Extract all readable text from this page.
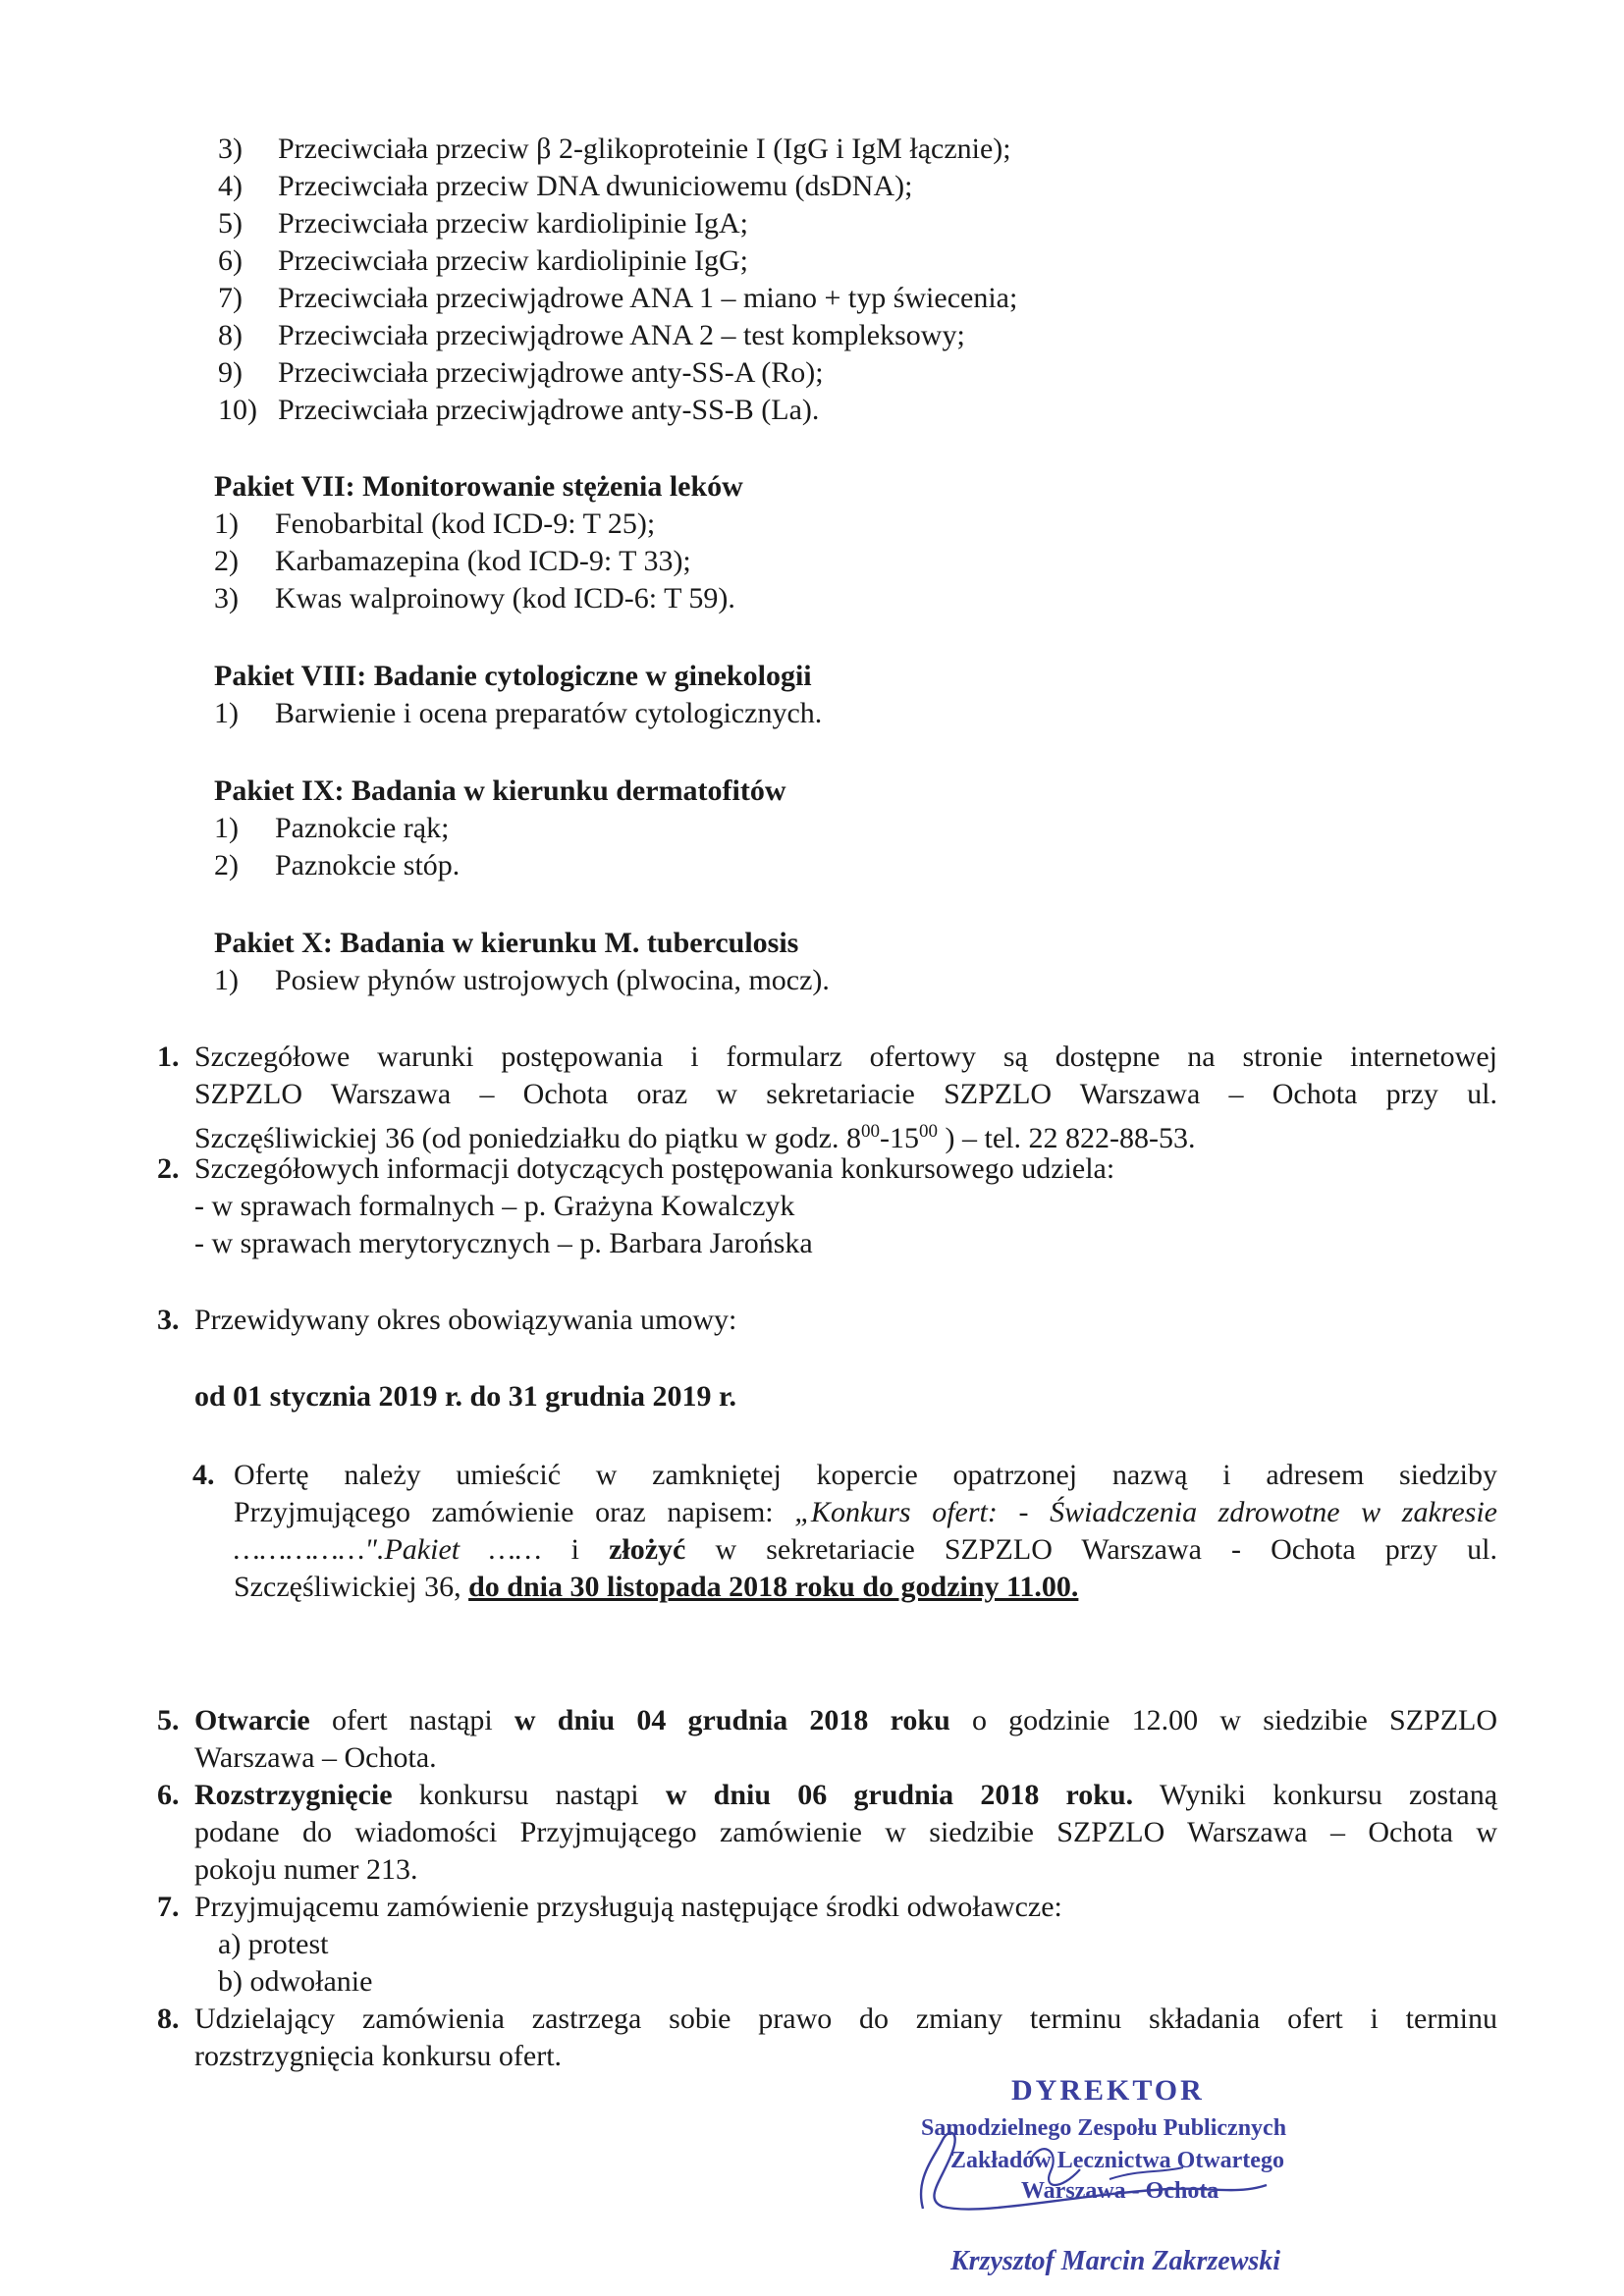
3) Przeciwciała przeciw β 2-glikoproteinie I (IgG i IgM łącznie);
4) Przeciwciała przeciw DNA dwuniciowemu (dsDNA);
5) Przeciwciała przeciw kardiolipinie IgA;
6) Przeciwciała przeciw kardiolipinie IgG;
7) Przeciwciała przeciwjądrowe ANA 1 – miano + typ świecenia;
8) Przeciwciała przeciwjądrowe ANA 2 – test kompleksowy;
9) Przeciwciała przeciwjądrowe anty-SS-A (Ro);
10) Przeciwciała przeciwjądrowe anty-SS-B (La).
Pakiet VII: Monitorowanie stężenia leków
1) Fenobarbital (kod ICD-9: T 25);
2) Karbamazepina (kod ICD-9: T 33);
3) Kwas walproinowy (kod ICD-6: T 59).
Pakiet VIII: Badanie cytologiczne w ginekologii
1) Barwienie i ocena preparatów cytologicznych.
Pakiet IX: Badania w kierunku dermatofitów
1) Paznokcie rąk;
2) Paznokcie stóp.
Pakiet X: Badania w kierunku M. tuberculosis
1) Posiew płynów ustrojowych (plwocina, mocz).
1. Szczegółowe warunki postępowania i formularz ofertowy są dostępne na stronie internetowej
SZPZLO Warszawa – Ochota oraz w sekretariacie SZPZLO Warszawa – Ochota przy ul.
Szczęśliwickiej 36 (od poniedziałku do piątku w godz. $8^{00}-15^{00}$ ) – tel. 22 822-88-53.
2. Szczegółowych informacji dotyczących postępowania konkursowego udziela:
- w sprawach formalnych – p. Grażyna Kowalczyk
- w sprawach merytorycznych – p. Barbara Jarońska
3. Przewidywany okres obowiązywania umowy:
od 01 stycznia 2019 r. do 31 grudnia 2019 r.
4. Ofertę należy umieścić w zamkniętej kopercie opatrzonej nazwą i adresem siedziby
Przyjmującego zamówienie oraz napisem: „Konkurs ofert: - Świadczenia zdrowotne w zakresie
……………".Pakiet …… i złożyć w sekretariacie SZPZLO Warszawa - Ochota przy ul.
Szczęśliwickiej 36, do dnia 30 listopada 2018 roku do godziny 11.00.
5. Otwarcie ofert nastąpi w dniu 04 grudnia 2018 roku o godzinie 12.00 w siedzibie SZPZLO
Warszawa – Ochota.
6. Rozstrzygnięcie konkursu nastąpi w dniu 06 grudnia 2018 roku. Wyniki konkursu zostaną
podane do wiadomości Przyjmującego zamówienie w siedzibie SZPZLO Warszawa – Ochota w
pokoju numer 213.
7. Przyjmującemu zamówienie przysługują następujące środki odwoławcze:
a) protest
b) odwołanie
8. Udzielający zamówienia zastrzega sobie prawo do zmiany terminu składania ofert i terminu
rozstrzygnięcia konkursu ofert.
DYREKTOR
Samodzielnego Zespołu Publicznych
Zakładów Lecznictwa Otwartego
Warszawa - Ochota
Krzysztof Marcin Zakrzewski
